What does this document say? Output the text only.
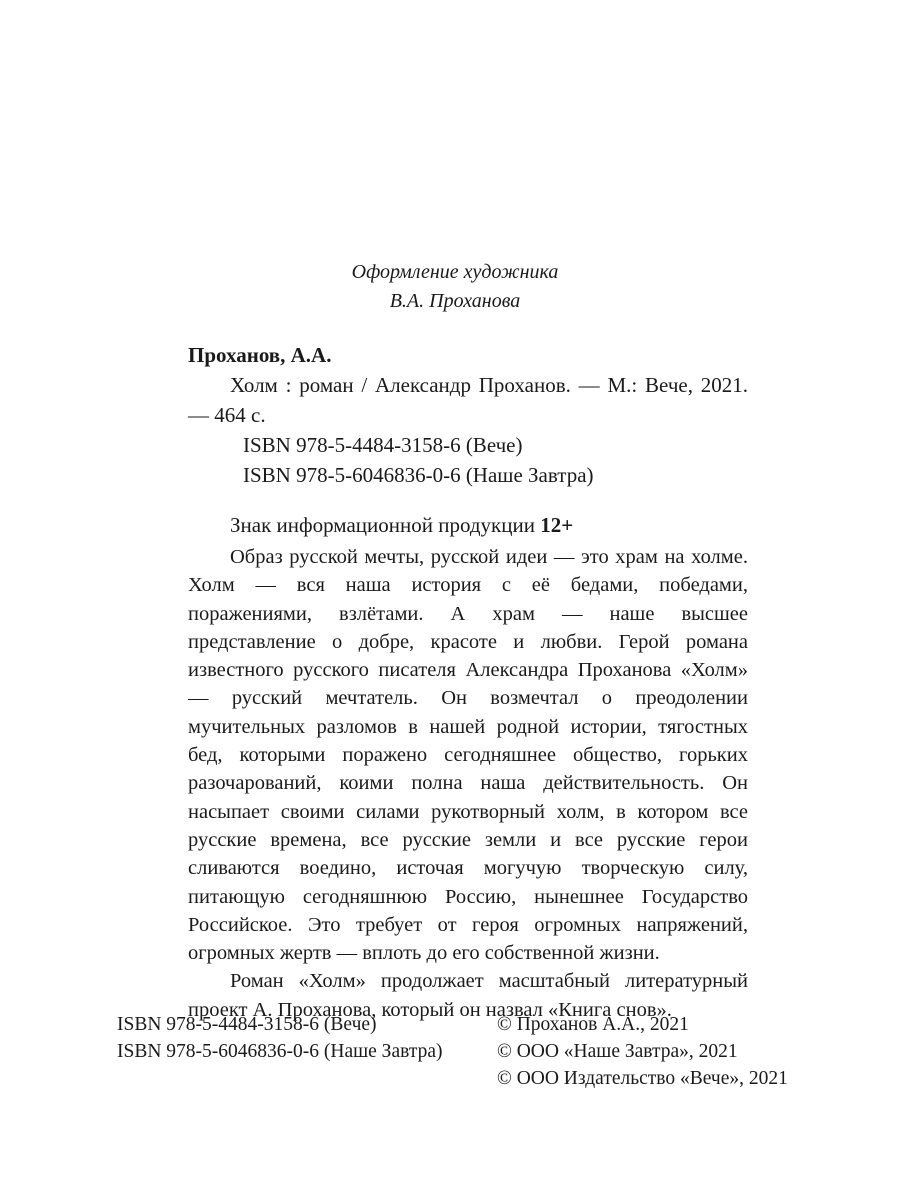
Оформление художника
В.А. Проханова
Проханов, А.А.
Холм : роман / Александр Проханов. — М.: Вече, 2021. — 464 с.
ISBN 978-5-4484-3158-6 (Вече)
ISBN 978-5-6046836-0-6 (Наше Завтра)
Знак информационной продукции 12+

Образ русской мечты, русской идеи — это храм на холме. Холм — вся наша история с её бедами, победами, поражениями, взлётами. А храм — наше высшее представление о добре, красоте и любви. Герой романа известного русского писателя Александра Проханова «Холм» — русский мечтатель. Он возмечтал о преодолении мучительных разломов в нашей родной истории, тягостных бед, которыми поражено сегодняшнее общество, горьких разочарований, коими полна наша действительность. Он насыпает своими силами рукотворный холм, в котором все русские времена, все русские земли и все русские герои сливаются воедино, источая могучую творческую силу, питающую сегодняшнюю Россию, нынешнее Государство Российское. Это требует от героя огромных напряжений, огромных жертв — вплоть до его собственной жизни.

Роман «Холм» продолжает масштабный литературный проект А. Проханова, который он назвал «Книга снов».

ISBN 978-5-4484-3158-6 (Вече)
ISBN 978-5-6046836-0-6 (Наше Завтра)
© Проханов А.А., 2021
© ООО «Наше Завтра», 2021
© ООО Издательство «Вече», 2021
